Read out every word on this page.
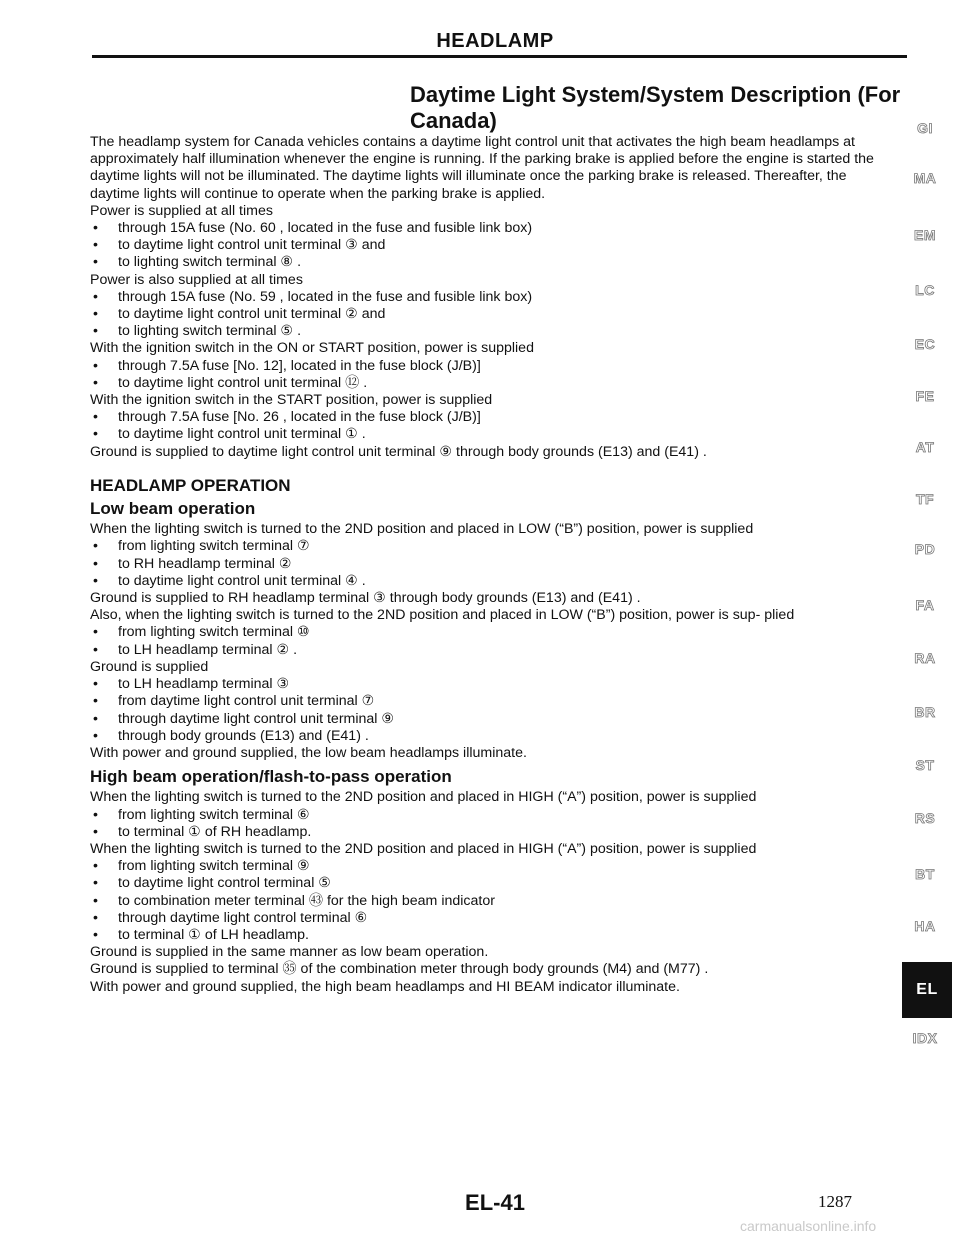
HEADLAMP
Daytime Light System/System Description (For Canada)

The headlamp system for Canada vehicles contains a daytime light control unit that activates the high beam headlamps at approximately half illumination whenever the engine is running. If the parking brake is applied before the engine is started the daytime lights will not be illuminated. The daytime lights will illuminate once the parking brake is released. Thereafter, the daytime lights will continue to operate when the parking brake is applied.

Power is supplied at all times

• through 15A fuse (No. 60 , located in the fuse and fusible link box)

• to daytime light control unit terminal ③ and

• to lighting switch terminal ⑧ .

Power is also supplied at all times

• through 15A fuse (No. 59 , located in the fuse and fusible link box)

• to daytime light control unit terminal ② and

• to lighting switch terminal ⑤ .

With the ignition switch in the ON or START position, power is supplied

• through 7.5A fuse [No. 12], located in the fuse block (J/B)]

• to daytime light control unit terminal ⑫ .

With the ignition switch in the START position, power is supplied

• through 7.5A fuse [No. 26 , located in the fuse block (J/B)]

• to daytime light control unit terminal ① .

Ground is supplied to daytime light control unit terminal ⑨ through body grounds (E13) and (E41) .

HEADLAMP OPERATION

Low beam operation

When the lighting switch is turned to the 2ND position and placed in LOW (“B”) position, power is supplied

• from lighting switch terminal ⑦

• to RH headlamp terminal ②

• to daytime light control unit terminal ④ .

Ground is supplied to RH headlamp terminal ③ through body grounds (E13) and (E41) .

Also, when the lighting switch is turned to the 2ND position and placed in LOW (“B”) position, power is sup- plied

• from lighting switch terminal ⑩

• to LH headlamp terminal ② .

Ground is supplied

• to LH headlamp terminal ③

• from daytime light control unit terminal ⑦

• through daytime light control unit terminal ⑨

• through body grounds (E13) and (E41) .

With power and ground supplied, the low beam headlamps illuminate.

High beam operation/flash-to-pass operation

When the lighting switch is turned to the 2ND position and placed in HIGH (“A”) position, power is supplied

• from lighting switch terminal ⑥

• to terminal ① of RH headlamp.

When the lighting switch is turned to the 2ND position and placed in HIGH (“A”) position, power is supplied

• from lighting switch terminal ⑨

• to daytime light control terminal ⑤

• to combination meter terminal ㊸ for the high beam indicator

• through daytime light control terminal ⑥

• to terminal ① of LH headlamp.

Ground is supplied in the same manner as low beam operation.

Ground is supplied to terminal ㉟ of the combination meter through body grounds (M4) and (M77) .

With power and ground supplied, the high beam headlamps and HI BEAM indicator illuminate.

GI
MA
EM
LC
EC
FE
AT
TF
PD
FA
RA
BR
ST
RS
BT
HA
EL
IDX
EL-41	1287
carmanualsonline.info
